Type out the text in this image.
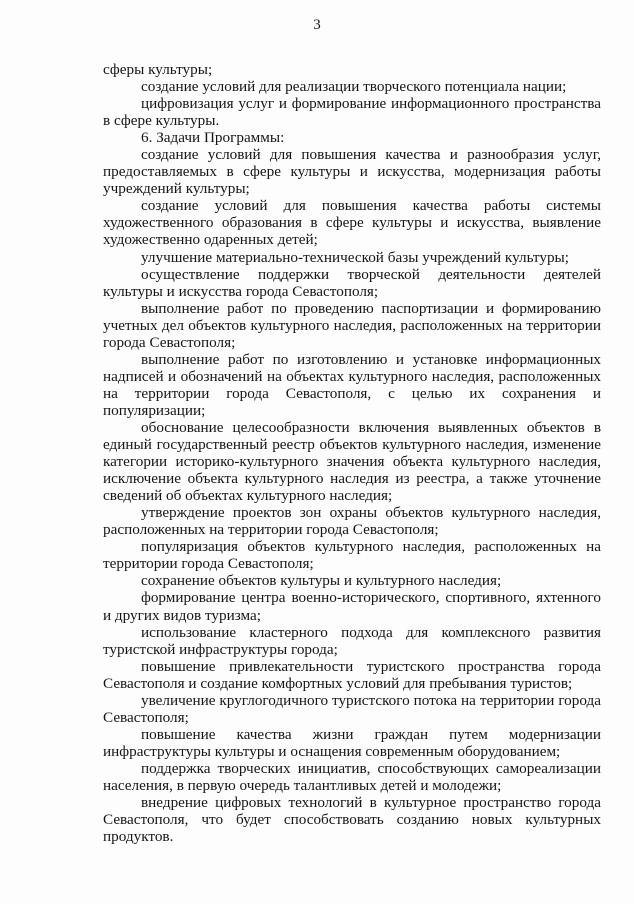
3

сферы культуры;

создание условий для реализации творческого потенциала нации;

цифровизация услуг и формирование информационного пространства в сфере культуры.

6. Задачи Программы:

создание условий для повышения качества и разнообразия услуг, предоставляемых в сфере культуры и искусства, модернизация работы учреждений культуры;

создание условий для повышения качества работы системы художественного образования в сфере культуры и искусства, выявление художественно одаренных детей;

улучшение материально-технической базы учреждений культуры;

осуществление поддержки творческой деятельности деятелей культуры и искусства города Севастополя;

выполнение работ по проведению паспортизации и формированию учетных дел объектов культурного наследия, расположенных на территории города Севастополя;

выполнение работ по изготовлению и установке информационных надписей и обозначений на объектах культурного наследия, расположенных на территории города Севастополя, с целью их сохранения и популяризации;

обоснование целесообразности включения выявленных объектов в единый государственный реестр объектов культурного наследия, изменение категории историко-культурного значения объекта культурного наследия, исключение объекта культурного наследия из реестра, а также уточнение сведений об объектах культурного наследия;

утверждение проектов зон охраны объектов культурного наследия, расположенных на территории города Севастополя;

популяризация объектов культурного наследия, расположенных на территории города Севастополя;

сохранение объектов культуры и культурного наследия;

формирование центра военно-исторического, спортивного, яхтенного и других видов туризма;

использование кластерного подхода для комплексного развития туристской инфраструктуры города;

повышение привлекательности туристского пространства города Севастополя и создание комфортных условий для пребывания туристов;

увеличение круглогодичного туристского потока на территории города Севастополя;

повышение качества жизни граждан путем модернизации инфраструктуры культуры и оснащения современным оборудованием;

поддержка творческих инициатив, способствующих самореализации населения, в первую очередь талантливых детей и молодежи;

внедрение цифровых технологий в культурное пространство города Севастополя, что будет способствовать созданию новых культурных продуктов.
